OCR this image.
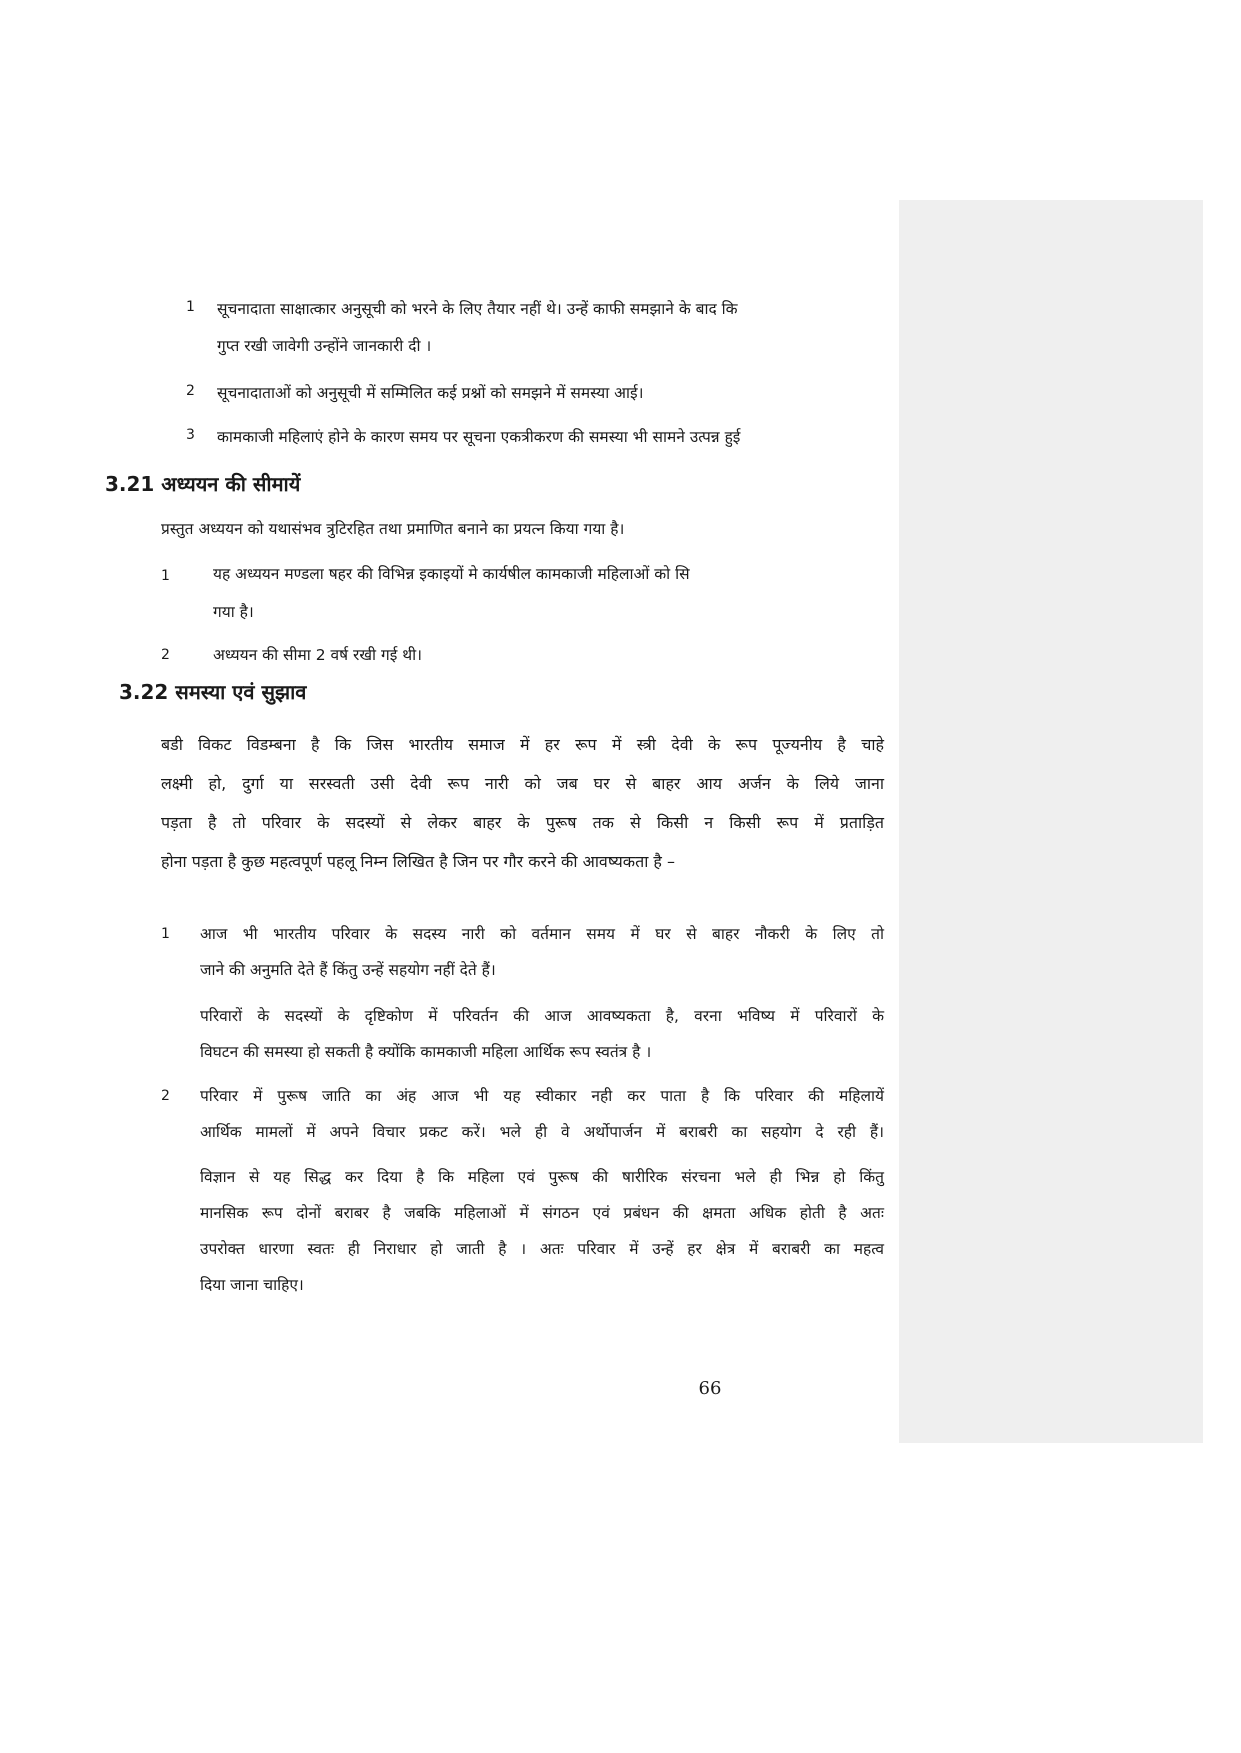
1 सूचनादाता साक्षात्कार अनुसूची को भरने के लिए तैयार नहीं थे। उन्हें काफी समझाने के बाद कि
गुप्त रखी जावेगी उन्होंने जानकारी दी ।
2 सूचनादाताओं को अनुसूची में सम्मिलित कई प्रश्नों को समझने में समस्या आई।
3 कामकाजी महिलाएं होने के कारण समय पर सूचना एकत्रीकरण की समस्या भी सामने उत्पन्न हुई
3.21 अध्ययन की सीमायें
प्रस्तुत अध्ययन को यथासंभव त्रुटिरहित तथा प्रमाणित बनाने का प्रयत्न किया गया है।
1	यह अध्ययन मण्डला षहर की विभिन्न इकाइयों मे कार्यषील कामकाजी महिलाओं को सि
गया है।
2	अध्ययन की सीमा 2 वर्ष रखी गई थी।
3.22 समस्या एवं सुझाव
बडी विकट विडम्बना है कि जिस भारतीय समाज में हर रूप में स्त्री देवी के रूप पूज्यनीय है चाहे
लक्ष्मी हो, दुर्गा या सरस्वती उसी देवी रूप नारी को जब घर से बाहर आय अर्जन के लिये जाना
पड़ता है तो परिवार के सदस्यों से लेकर बाहर के पुरूष तक से किसी न किसी रूप में प्रताड़ित
होना पड़ता है कुछ महत्वपूर्ण पहलू निम्न लिखित है जिन पर गौर करने की आवष्यकता है –
1 आज भी भारतीय परिवार के सदस्य नारी को वर्तमान समय में घर से बाहर नौकरी के लिए तो
जाने की अनुमति देते हैं किंतु उन्हें सहयोग नहीं देते हैं।
परिवारों के सदस्यों के दृष्टिकोण में परिवर्तन की आज आवष्यकता है, वरना भविष्य में परिवारों के
विघटन की समस्या हो सकती है क्योंकि कामकाजी महिला आर्थिक रूप स्वतंत्र है ।
2 परिवार में पुरूष जाति का अंह आज भी यह स्वीकार नही कर पाता है कि परिवार की महिलायें
आर्थिक मामलों में अपने विचार प्रकट करें। भले ही वे अर्थोपार्जन में बराबरी का सहयोग दे रही हैं।
विज्ञान से यह सिद्ध कर दिया है कि महिला एवं पुरूष की षारीरिक संरचना भले ही भिन्न हो किंतु
मानसिक रूप दोनों बराबर है जबकि महिलाओं में संगठन एवं प्रबंधन की क्षमता अधिक होती है अतः
उपरोक्त धारणा स्वतः ही निराधार हो जाती है । अतः परिवार में उन्हें हर क्षेत्र में बराबरी का महत्व
दिया जाना चाहिए।
66
